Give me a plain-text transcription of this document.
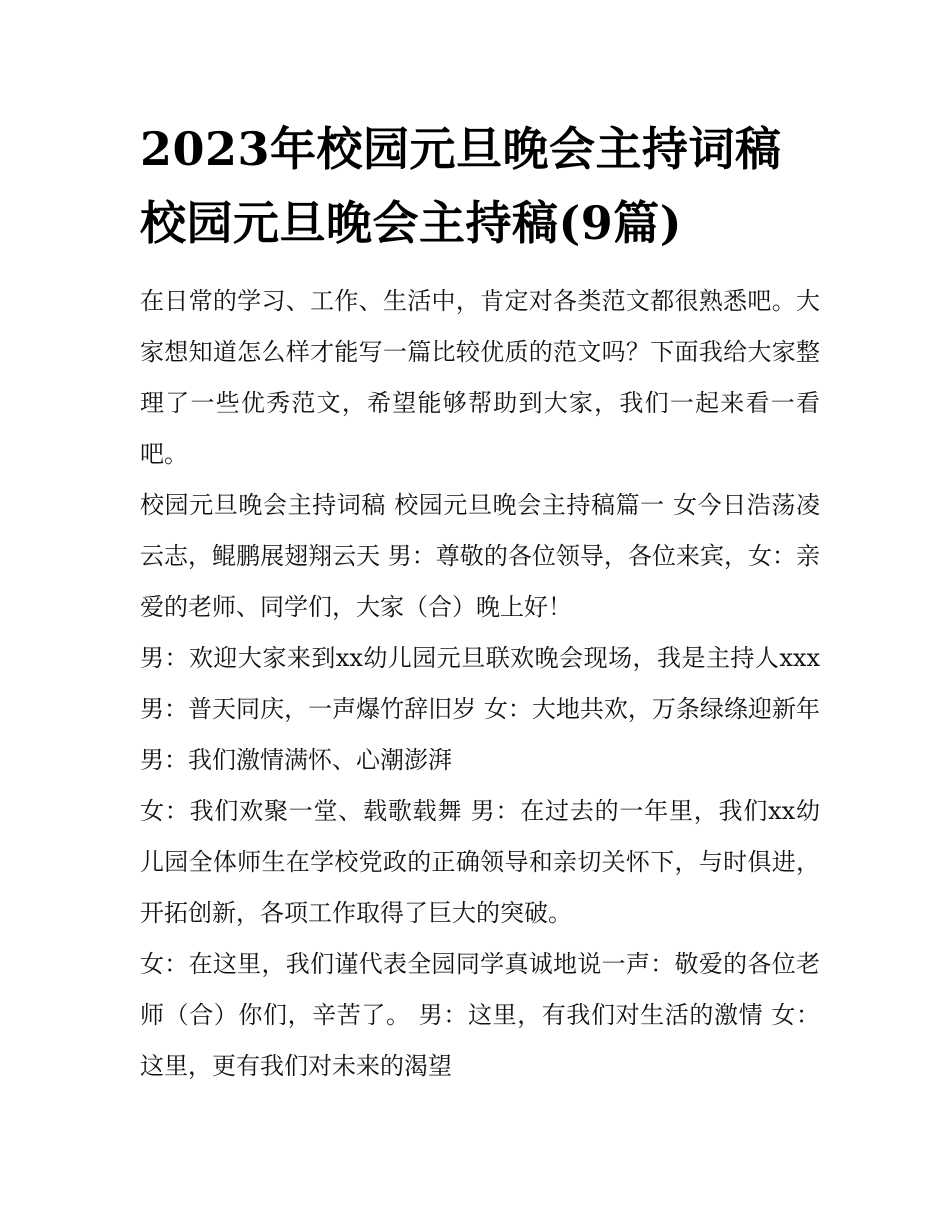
2023年校园元旦晚会主持词稿
校园元旦晚会主持稿(9篇)

在日常的学习、工作、生活中，肯定对各类范文都很熟悉吧。大家想知道怎么样才能写一篇比较优质的范文吗？下面我给大家整理了一些优秀范文，希望能够帮助到大家，我们一起来看一看吧。

校园元旦晚会主持词稿 校园元旦晚会主持稿篇一 女今日浩荡凌云志，鲲鹏展翅翔云天 男：尊敬的各位领导，各位来宾，女：亲爱的老师、同学们，大家（合）晚上好！

男：欢迎大家来到xx幼儿园元旦联欢晚会现场，我是主持人xxx 男：普天同庆，一声爆竹辞旧岁 女：大地共欢，万条绿绦迎新年 男：我们激情满怀、心潮澎湃

女：我们欢聚一堂、载歌载舞 男：在过去的一年里，我们xx幼儿园全体师生在学校党政的正确领导和亲切关怀下，与时俱进，开拓创新，各项工作取得了巨大的突破。

女：在这里，我们谨代表全园同学真诚地说一声：敬爱的各位老师（合）你们，辛苦了。 男：这里，有我们对生活的激情 女：这里，更有我们对未来的渴望
